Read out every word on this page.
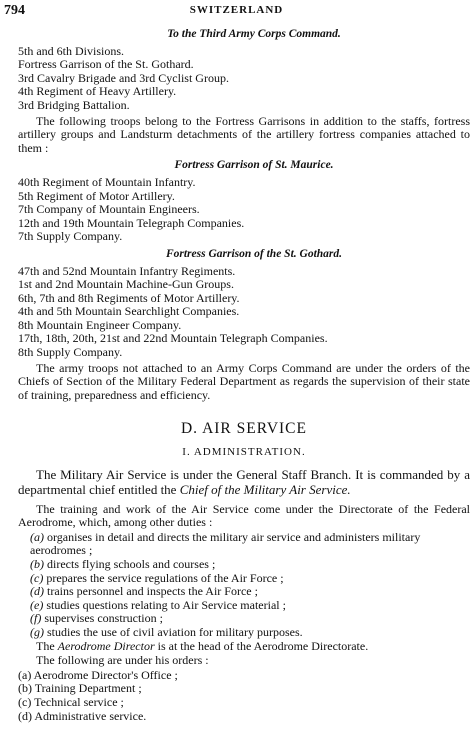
794	SWITZERLAND
To the Third Army Corps Command.
5th and 6th Divisions.
Fortress Garrison of the St. Gothard.
3rd Cavalry Brigade and 3rd Cyclist Group.
4th Regiment of Heavy Artillery.
3rd Bridging Battalion.

The following troops belong to the Fortress Garrisons in addition to the staffs, fortress artillery groups and Landsturm detachments of the artillery fortress companies attached to them :

Fortress Garrison of St. Maurice.
40th Regiment of Mountain Infantry.
5th Regiment of Motor Artillery.
7th Company of Mountain Engineers.
12th and 19th Mountain Telegraph Companies.
7th Supply Company.
Fortress Garrison of the St. Gothard.
47th and 52nd Mountain Infantry Regiments.
1st and 2nd Mountain Machine-Gun Groups.
6th, 7th and 8th Regiments of Motor Artillery.
4th and 5th Mountain Searchlight Companies.
8th Mountain Engineer Company.
17th, 18th, 20th, 21st and 22nd Mountain Telegraph Companies.
8th Supply Company.

The army troops not attached to an Army Corps Command are under the orders of the Chiefs of Section of the Military Federal Department as regards the supervision of their state of training, preparedness and efficiency.

D. AIR SERVICE
I. ADMINISTRATION.

The Military Air Service is under the General Staff Branch. It is commanded by a departmental chief entitled the Chief of the Military Air Service.

The training and work of the Air Service come under the Directorate of the Federal Aerodrome, which, among other duties :

(a) organises in detail and directs the military air service and administers military aerodromes ;
(b) directs flying schools and courses ;
(c) prepares the service regulations of the Air Force ;
(d) trains personnel and inspects the Air Force ;
(e) studies questions relating to Air Service material ;
(f) supervises construction ;
(g) studies the use of civil aviation for military purposes.

The Aerodrome Director is at the head of the Aerodrome Directorate.

The following are under his orders :

(a) Aerodrome Director's Office ;
(b) Training Department ;
(c) Technical service ;
(d) Administrative service.
